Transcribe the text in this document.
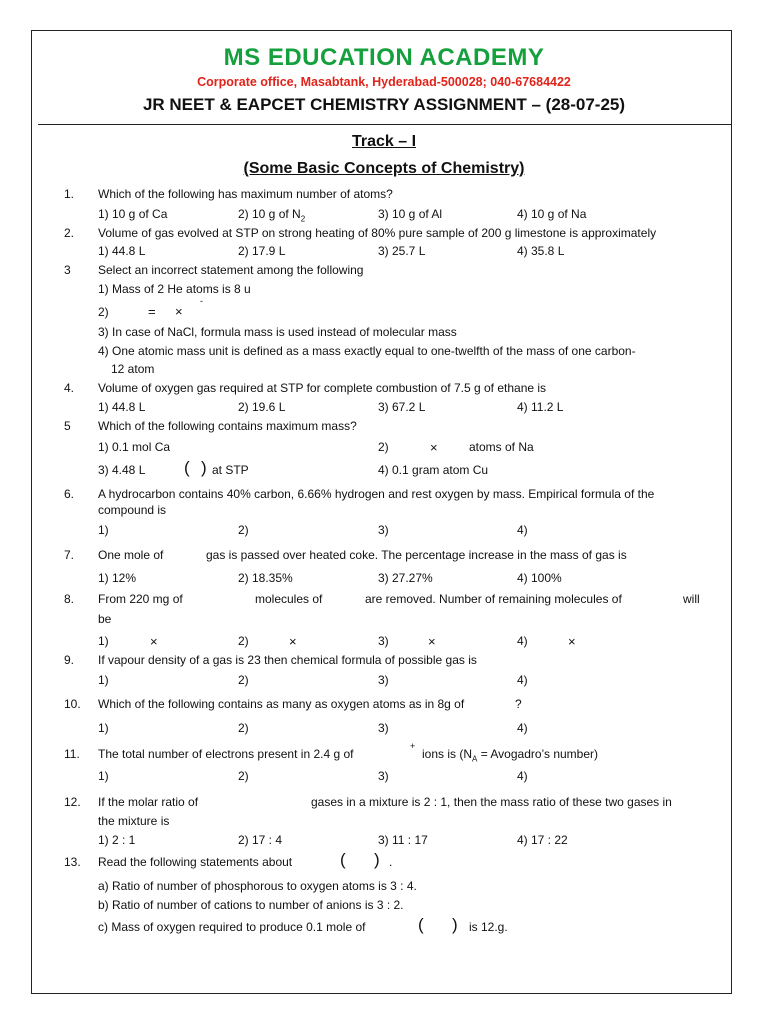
MS EDUCATION ACADEMY
Corporate office, Masabtank, Hyderabad-500028; 040-67684422
JR NEET & EAPCET CHEMISTRY ASSIGNMENT – (28-07-25)
Track – I
(Some Basic Concepts of Chemistry)
1. Which of the following has maximum number of atoms?
1) 10 g of Ca	2) 10 g of $N_2$	3) 10 g of Al	4) 10 g of Na
2. Volume of gas evolved at STP on strong heating of 80% pure sample of 200 g limestone is approximately
1) 44.8 L	2) 17.9 L	3) 25.7 L	4) 35.8 L
3 Select an incorrect statement among the following
1) Mass of 2 He atoms is 8 u
2)	= ×
-
3) In case of NaCl, formula mass is used instead of molecular mass
4) One atomic mass unit is defined as a mass exactly equal to one-twelfth of the mass of one carbon-
12 atom
4. Volume of oxygen gas required at STP for complete combustion of 7.5 g of ethane is
1) 44.8 L	2) 19.6 L	3) 67.2 L	4) 11.2 L
5 Which of the following contains maximum mass?
1) 0.1 mol Ca	2)	×	atoms of Na
3) 4.48 L ( ) at STP	4) 0.1 gram atom Cu
6. A hydrocarbon contains 40% carbon, 6.66% hydrogen and rest oxygen by mass. Empirical formula of the
compound is
1)	2)	3)	4)
7. One mole of	gas is passed over heated coke. The percentage increase in the mass of gas is
1) 12%	2) 18.35%	3) 27.27%	4) 100%
8. From 220 mg of	molecules of	are removed. Number of remaining molecules of	will
be
1)	×	2)	×	3)	×	4)	×
9. If vapour density of a gas is 23 then chemical formula of possible gas is
1)	2)	3)	4)
10. Which of the following contains as many as oxygen atoms as in 8g of	?
1)	2)	3)	4)
11. The total number of electrons present in 2.4 g of
+
ions is ($N_A$ = Avogadro’s number)
1)	2)	3)	4)
12. If the molar ratio of	gases in a mixture is 2 : 1, then the mass ratio of these two gases in
the mixture is
1) 2 : 1	2) 17 : 4	3) 11 : 17	4) 17 : 22
13. Read the following statements about	( ) .
a) Ratio of number of phosphorous to oxygen atoms is 3 : 4.
b) Ratio of number of cations to number of anions is 3 : 2.
c) Mass of oxygen required to produce 0.1 mole of	( ) is 12.g.
